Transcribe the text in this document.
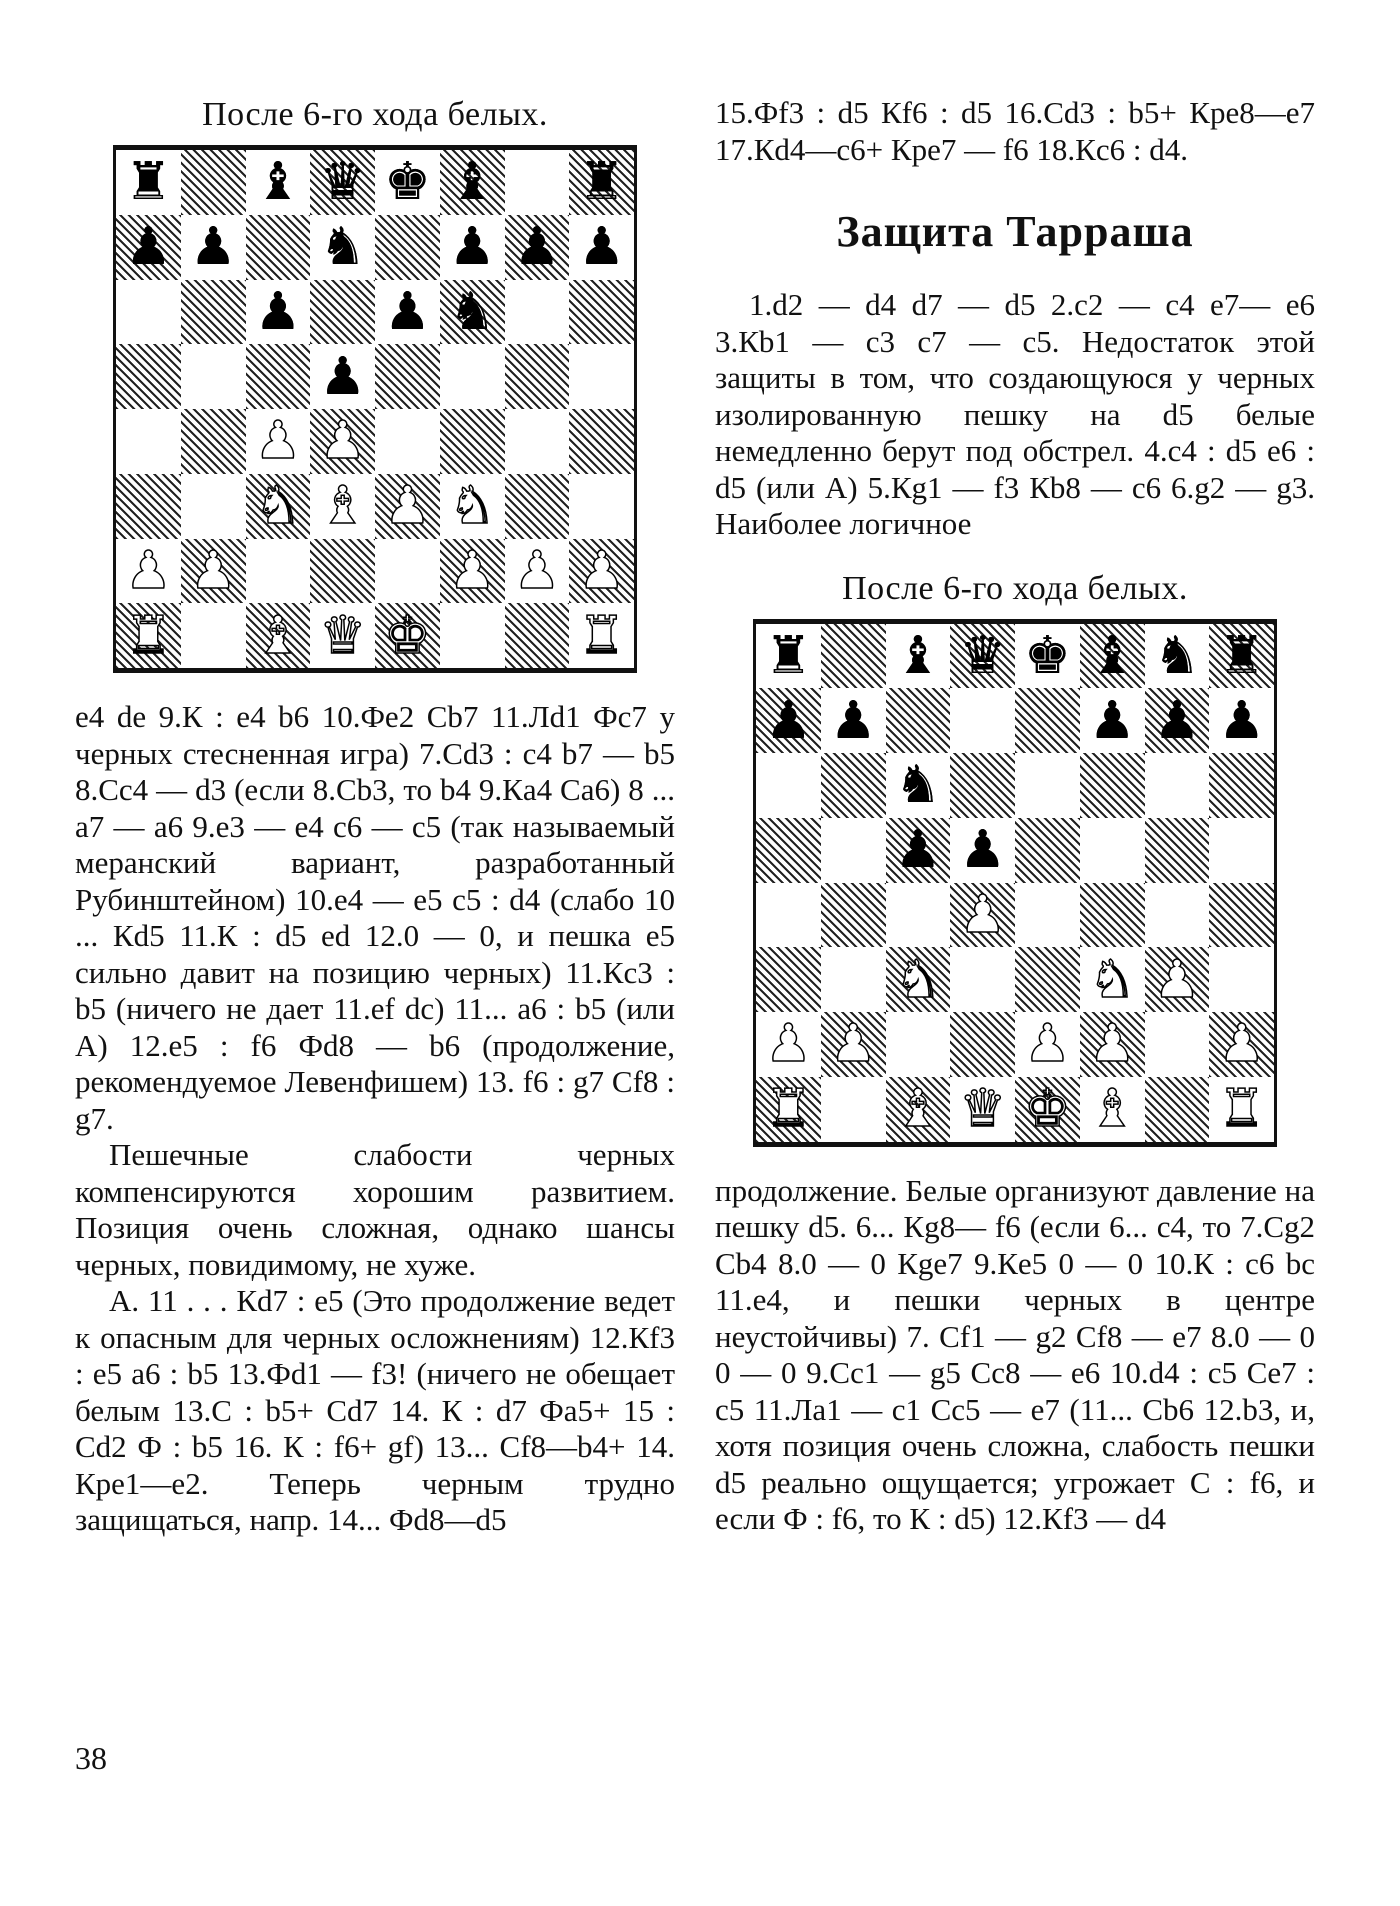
После 6-го хода белых.
♜ ♝ ♛ ♚ ♝ ♜
♟ ♟ ♞ ♟ ♟ ♟
♟ ♟ ♞
♟
♟ ♟
♞ ♝ ♟ ♞
♟ ♟	♟ ♟ ♟
♜ ♝ ♛ ♚	♜

e4 de 9.К : e4 b6 10.Фe2 Cb7 11.Лd1 Фc7 у черных стесненная игра) 7.Cd3 : c4 b7 — b5 8.Cc4 — d3 (если 8.Cb3, то b4 9.Кa4 Ca6) 8 ... a7 — a6 9.e3 — e4 c6 — c5 (так называемый меранский вариант, разработанный Рубинштейном) 10.e4 — e5 c5 : d4 (слабо 10 ... Кd5 11.К : d5 ed 12.0 — 0, и пешка e5 сильно давит на позицию черных) 11.Кc3 : b5 (ничего не дает 11.ef dc) 11... a6 : b5 (или А) 12.e5 : f6 Фd8 — b6 (продолжение, рекомендуемое Левенфишем) 13. f6 : g7 Cf8 : g7.

Пешечные слабости черных компенсируются хорошим развитием. Позиция очень сложная, однако шансы черных, повидимому, не хуже.

А. 11 . . . Кd7 : e5 (Это продолжение ведет к опасным для черных осложнениям) 12.Кf3 : e5 a6 : b5 13.Фd1 — f3! (ничего не обещает белым 13.C : b5+ Cd7 14. К : d7 Фa5+ 15 : Cd2 Ф : b5 16. К : f6+ gf) 13... Cf8—b4+ 14. Кpe1—e2. Теперь черным трудно защищаться, напр. 14... Фd8—d5

15.Фf3 : d5 Кf6 : d5 16.Cd3 : b5+ Кpe8—e7 17.Кd4—c6+ Кpe7 — f6 18.Кc6 : d4.

Защита Тарраша

1.d2 — d4 d7 — d5 2.c2 — c4 e7— e6 3.Кb1 — c3 c7 — c5. Недостаток этой защиты в том, что создающуюся у черных изолированную пешку на d5 белые немедленно берут под обстрел. 4.c4 : d5 e6 : d5 (или А) 5.Кg1 — f3 Кb8 — c6 6.g2 — g3. Наиболее логичное

После 6-го хода белых.
♜ ♝ ♛ ♚ ♝ ♞ ♜
♟ ♟	♟ ♟ ♟
♞
♟ ♟
♟
♞	♞ ♟
♟ ♟	♟ ♟ ♟
♜ ♝ ♛ ♚ ♝ ♜

продолжение. Белые организуют давление на пешку d5. 6... Кg8— f6 (если 6... c4, то 7.Cg2 Cb4 8.0 — 0 Кge7 9.Кe5 0 — 0 10.К : c6 bc 11.e4, и пешки черных в центре неустойчивы) 7. Cf1 — g2 Cf8 — e7 8.0 — 0 0 — 0 9.Cc1 — g5 Cc8 — e6 10.d4 : c5 Ce7 : c5 11.Лa1 — c1 Cc5 — e7 (11... Cb6 12.b3, и, хотя позиция очень сложна, слабость пешки d5 реально ощущается; угрожает C : f6, и если Ф : f6, то К : d5) 12.Кf3 — d4

38
